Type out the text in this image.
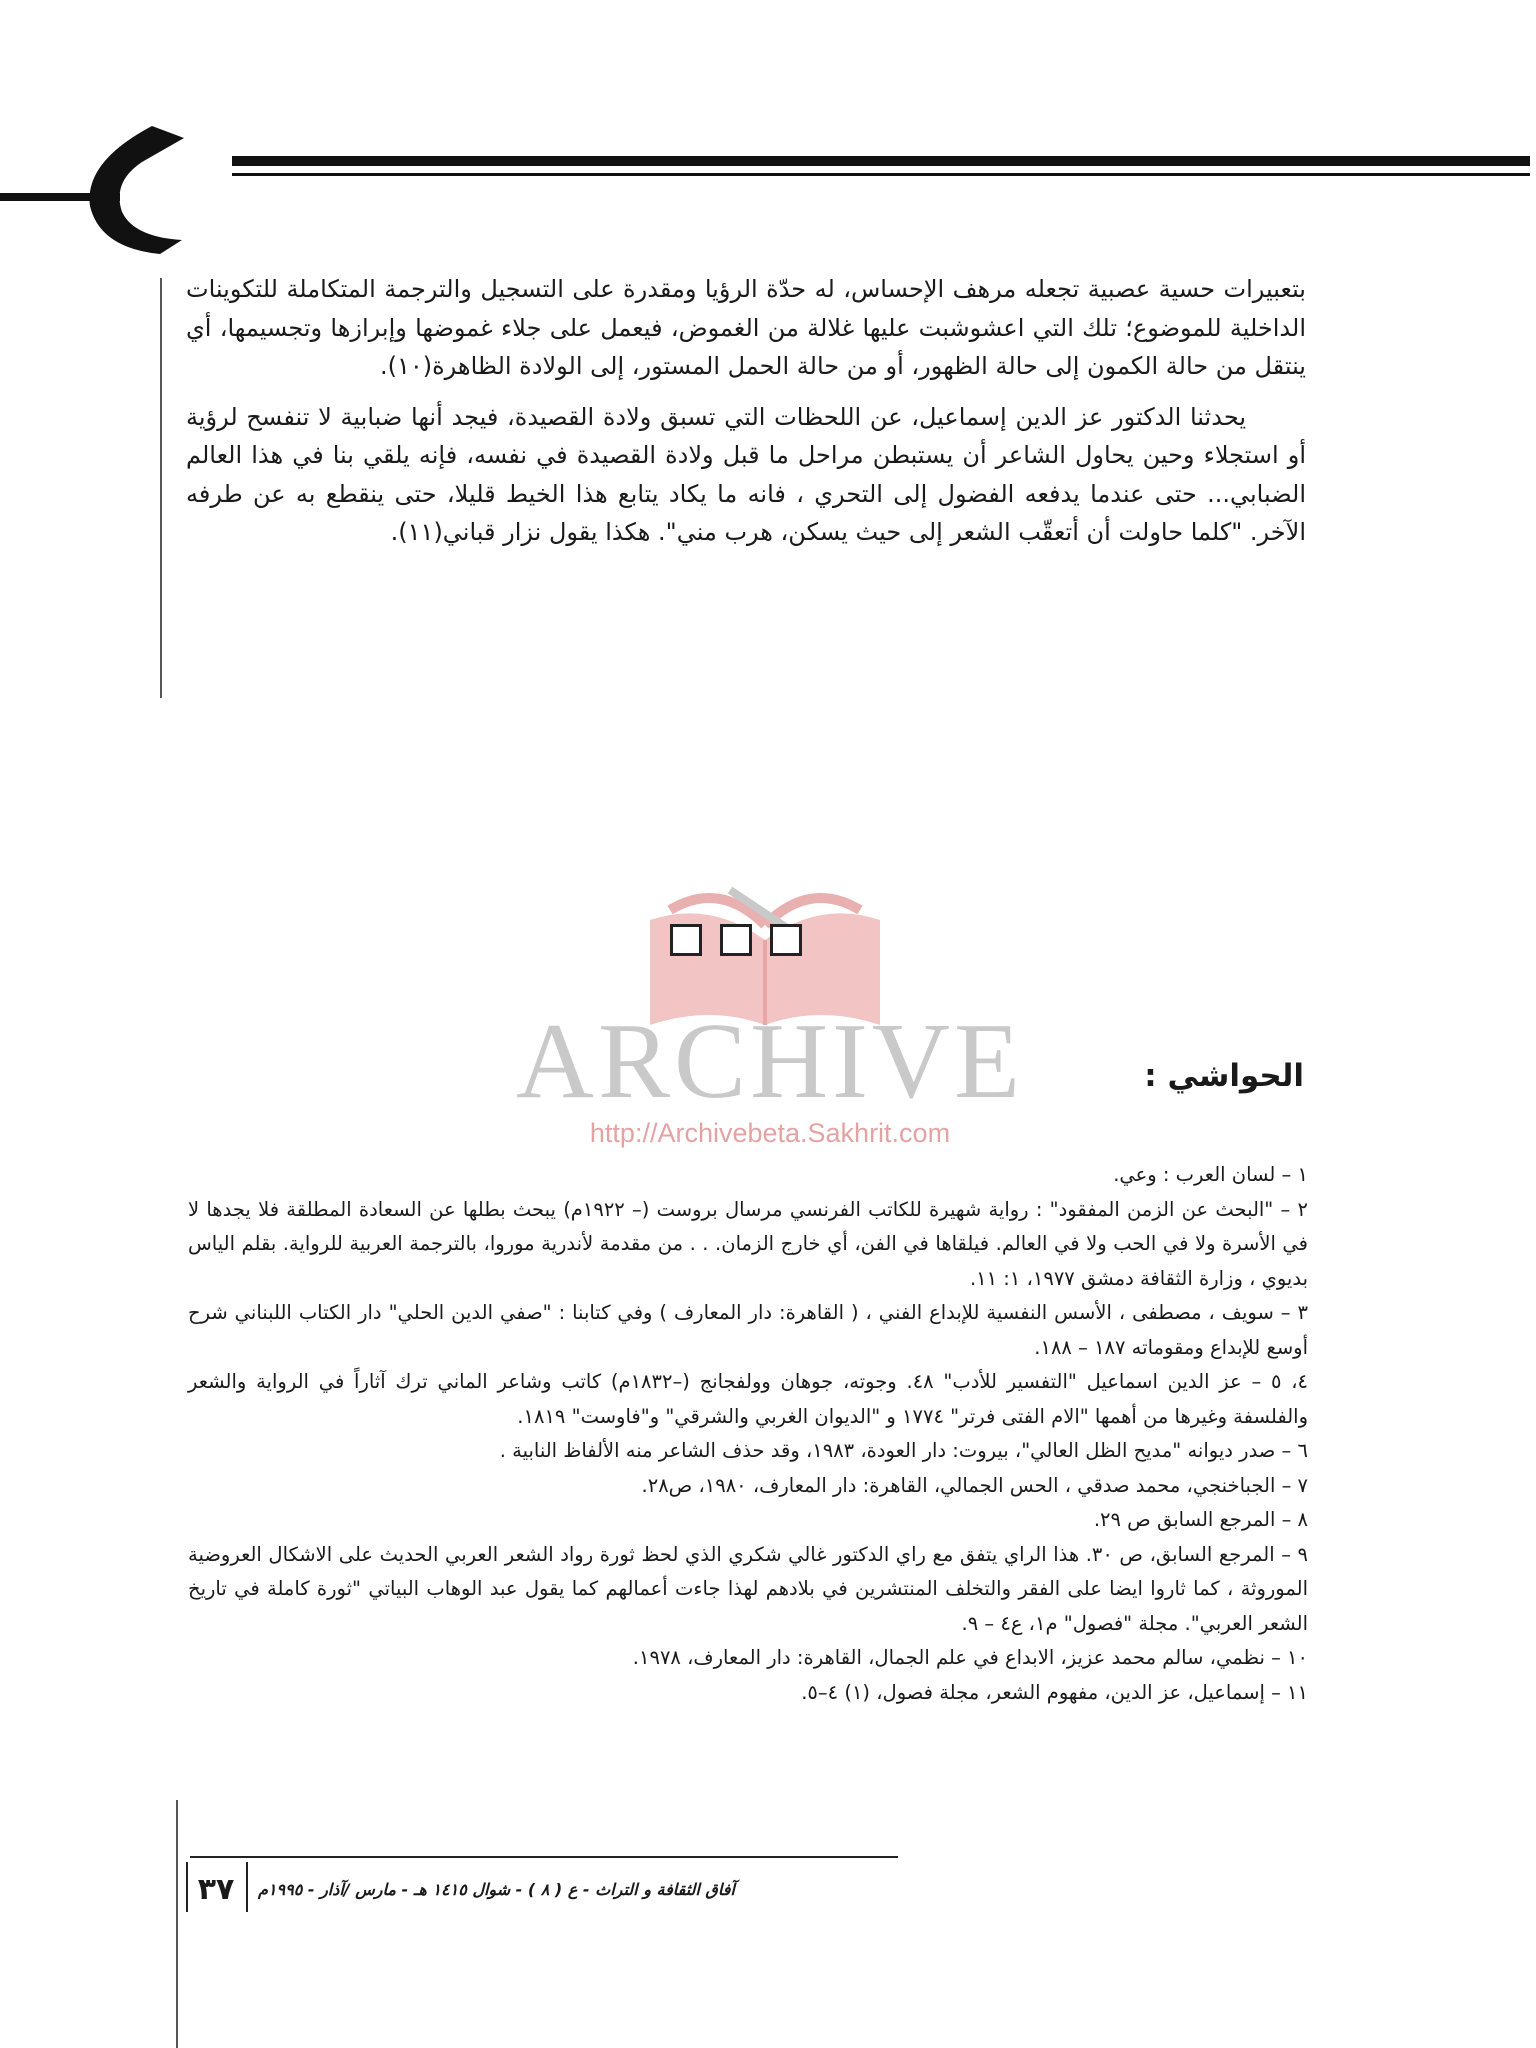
بتعبيرات حسية عصبية تجعله مرهف الإحساس، له حدّة الرؤيا ومقدرة على التسجيل والترجمة المتكاملة للتكوينات الداخلية للموضوع؛ تلك التي اعشوشبت عليها غلالة من الغموض، فيعمل على جلاء غموضها وإبرازها وتجسيمها، أي ينتقل من حالة الكمون إلى حالة الظهور، أو من حالة الحمل المستور، إلى الولادة الظاهرة(١٠).

يحدثنا الدكتور عز الدين إسماعيل، عن اللحظات التي تسبق ولادة القصيدة، فيجد أنها ضبابية لا تنفسح لرؤية أو استجلاء وحين يحاول الشاعر أن يستبطن مراحل ما قبل ولادة القصيدة في نفسه، فإنه يلقي بنا في هذا العالم الضبابي... حتى عندما يدفعه الفضول إلى التحري ، فانه ما يكاد يتابع هذا الخيط قليلا، حتى ينقطع به عن طرفه الآخر. "كلما حاولت أن أتعقّب الشعر إلى حيث يسكن، هرب مني". هكذا يقول نزار قباني(١١).

ARCHIVE
http://Archivebeta.Sakhrit.com
الحواشي :

١ – لسان العرب : وعي.

٢ – "البحث عن الزمن المفقود" : رواية شهيرة للكاتب الفرنسي مرسال بروست (– ١٩٢٢م) يبحث بطلها عن السعادة المطلقة فلا يجدها لا في الأسرة ولا في الحب ولا في العالم. فيلقاها في الفن، أي خارج الزمان. . . من مقدمة لأندرية موروا، بالترجمة العربية للرواية. بقلم الياس بديوي ، وزارة الثقافة دمشق ١٩٧٧، ١: ١١.

٣ – سويف ، مصطفى ، الأسس النفسية للإبداع الفني ، ( القاهرة: دار المعارف ) وفي كتابنا : "صفي الدين الحلي" دار الكتاب اللبناني شرح أوسع للإبداع ومقوماته ١٨٧ – ١٨٨.

٤، ٥ – عز الدين اسماعيل "التفسير للأدب" ٤٨. وجوته، جوهان وولفجانج (–١٨٣٢م) كاتب وشاعر الماني ترك آثاراً في الرواية والشعر والفلسفة وغيرها من أهمها "الام الفتى فرتر" ١٧٧٤ و "الديوان الغربي والشرقي" و"فاوست" ١٨١٩.

٦ – صدر ديوانه "مديح الظل العالي"، بيروت: دار العودة، ١٩٨٣، وقد حذف الشاعر منه الألفاظ النابية .

٧ – الجباخنجي، محمد صدقي ، الحس الجمالي، القاهرة: دار المعارف، ١٩٨٠، ص٢٨.

٨ – المرجع السابق ص ٢٩.

٩ – المرجع السابق، ص ٣٠. هذا الراي يتفق مع راي الدكتور غالي شكري الذي لحظ ثورة رواد الشعر العربي الحديث على الاشكال العروضية الموروثة ، كما ثاروا ايضا على الفقر والتخلف المنتشرين في بلادهم لهذا جاءت أعمالهم كما يقول عبد الوهاب البياتي "ثورة كاملة في تاريخ الشعر العربي". مجلة "فصول" م١، ع٤ – ٩.

١٠ – نظمي، سالم محمد عزيز، الابداع في علم الجمال، القاهرة: دار المعارف، ١٩٧٨.

١١ – إسماعيل، عز الدين، مفهوم الشعر، مجلة فصول، (١) ٤–٥.

٣٧	آفاق الثقافة و التراث - ع ( ٨ ) - شوال ١٤١٥ هـ - مارس /آذار - ١٩٩٥م
